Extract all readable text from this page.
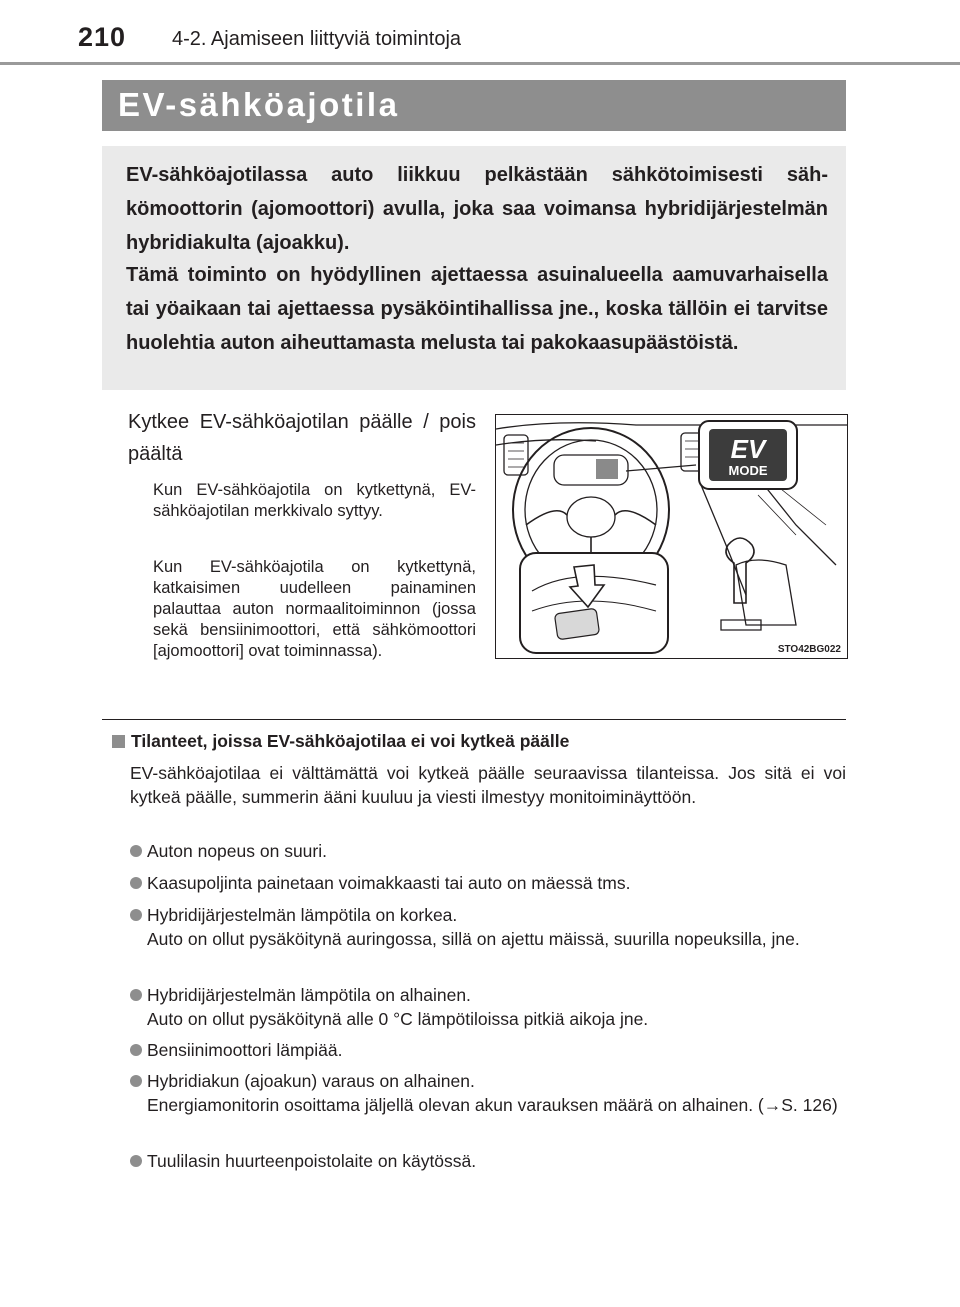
210 4-2. Ajamiseen liittyviä toimintoja
EV-sähköajotila

EV-sähköajotilassa auto liikkuu pelkästään sähkötoimisesti sähkömoottorin (ajomoottori) avulla, joka saa voimansa hybridijärjestelmän hybridiakulta (ajoakku).

Tämä toiminto on hyödyllinen ajettaessa asuinalueella aamuvarhaisella tai yöaikaan tai ajettaessa pysäköintihallissa jne., koska tällöin ei tarvitse huolehtia auton aiheuttamasta melusta tai pakokaasupäästöistä.

Kytkee EV-sähköajotilan päälle / pois päältä
Kun EV-sähköajotila on kytkettynä, EV-sähköajotilan merkkivalo syttyy.
Kun EV-sähköajotila on kytkettynä, katkaisimen uudelleen painaminen palauttaa auton normaalitoiminnon (jossa sekä bensiinimoottori, että sähkömoottori [ajomoottori] ovat toiminnassa).
EV
MODE
STO42BG022
Tilanteet, joissa EV-sähköajotilaa ei voi kytkeä päälle
EV-sähköajotilaa ei välttämättä voi kytkeä päälle seuraavissa tilanteissa. Jos sitä ei voi kytkeä päälle, summerin ääni kuuluu ja viesti ilmestyy monitoiminäyttöön.
Auton nopeus on suuri.
Kaasupoljinta painetaan voimakkaasti tai auto on mäessä tms.
Hybridijärjestelmän lämpötila on korkea.
Auto on ollut pysäköitynä auringossa, sillä on ajettu mäissä, suurilla nopeuksilla, jne.
Hybridijärjestelmän lämpötila on alhainen.
Auto on ollut pysäköitynä alle 0 °C lämpötiloissa pitkiä aikoja jne.
Bensiinimoottori lämpiää.
Hybridiakun (ajoakun) varaus on alhainen.
Energiamonitorin osoittama jäljellä olevan akun varauksen määrä on alhainen. (→S. 126)
Tuulilasin huurteenpoistolaite on käytössä.
